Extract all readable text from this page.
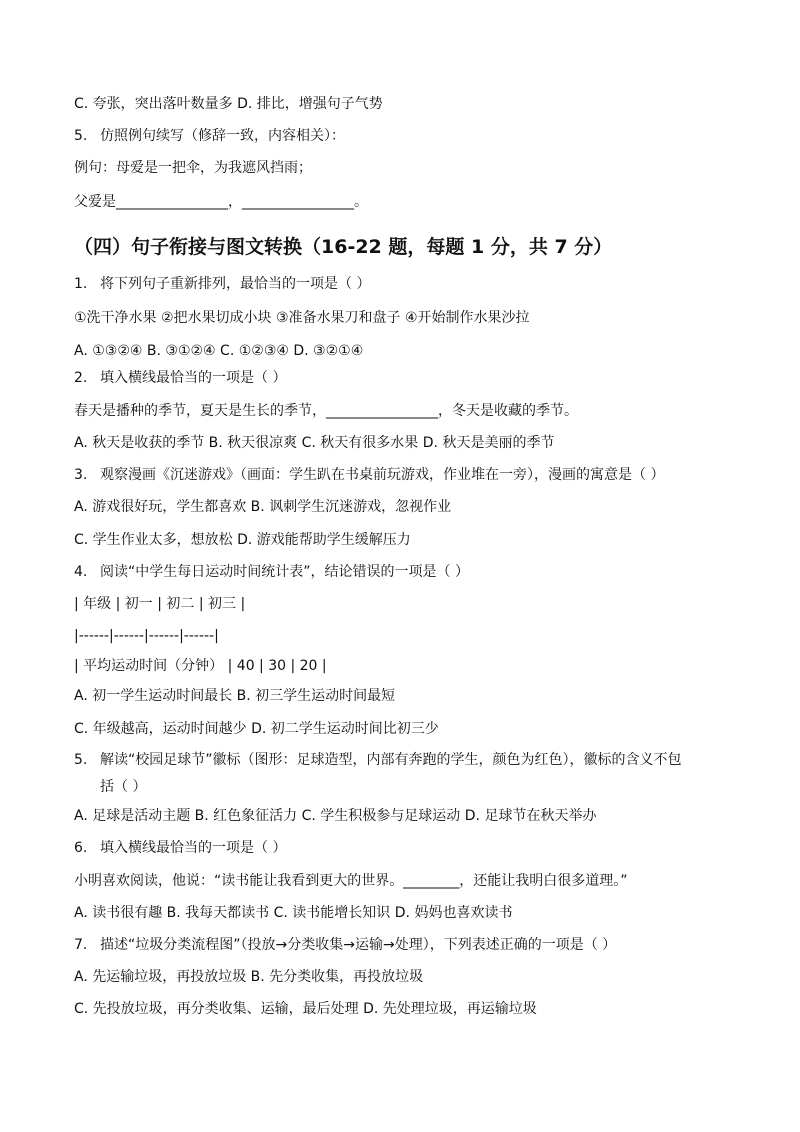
C. 夸张，突出落叶数量多 D. 排比，增强句子气势
5. 仿照例句续写（修辞一致，内容相关）：
例句：母爱是一把伞，为我遮风挡雨；
父爱是________________，________________。
（四）句子衔接与图文转换（16-22 题，每题 1 分，共 7 分）
1. 将下列句子重新排列，最恰当的一项是（ ）
①洗干净水果 ②把水果切成小块 ③准备水果刀和盘子 ④开始制作水果沙拉
A. ①③②④ B. ③①②④ C. ①②③④ D. ③②①④
2. 填入横线最恰当的一项是（ ）
春天是播种的季节，夏天是生长的季节，________________，冬天是收藏的季节。
A. 秋天是收获的季节 B. 秋天很凉爽 C. 秋天有很多水果 D. 秋天是美丽的季节
3. 观察漫画《沉迷游戏》（画面：学生趴在书桌前玩游戏，作业堆在一旁），漫画的寓意是（ ）
A. 游戏很好玩，学生都喜欢 B. 讽刺学生沉迷游戏，忽视作业
C. 学生作业太多，想放松 D. 游戏能帮助学生缓解压力
4. 阅读“中学生每日运动时间统计表”，结论错误的一项是（ ）
| 年级 | 初一 | 初二 | 初三 |
|------|------|------|------|
| 平均运动时间（分钟） | 40 | 30 | 20 |
A. 初一学生运动时间最长 B. 初三学生运动时间最短
C. 年级越高，运动时间越少 D. 初二学生运动时间比初三少
5. 解读“校园足球节”徽标（图形：足球造型，内部有奔跑的学生，颜色为红色），徽标的含义不包
括（ ）
A. 足球是活动主题 B. 红色象征活力 C. 学生积极参与足球运动 D. 足球节在秋天举办
6. 填入横线最恰当的一项是（ ）
小明喜欢阅读，他说：“读书能让我看到更大的世界。________，还能让我明白很多道理。”
A. 读书很有趣 B. 我每天都读书 C. 读书能增长知识 D. 妈妈也喜欢读书
7. 描述“垃圾分类流程图”（投放→分类收集→运输→处理），下列表述正确的一项是（ ）
A. 先运输垃圾，再投放垃圾 B. 先分类收集，再投放垃圾
C. 先投放垃圾，再分类收集、运输，最后处理 D. 先处理垃圾，再运输垃圾
